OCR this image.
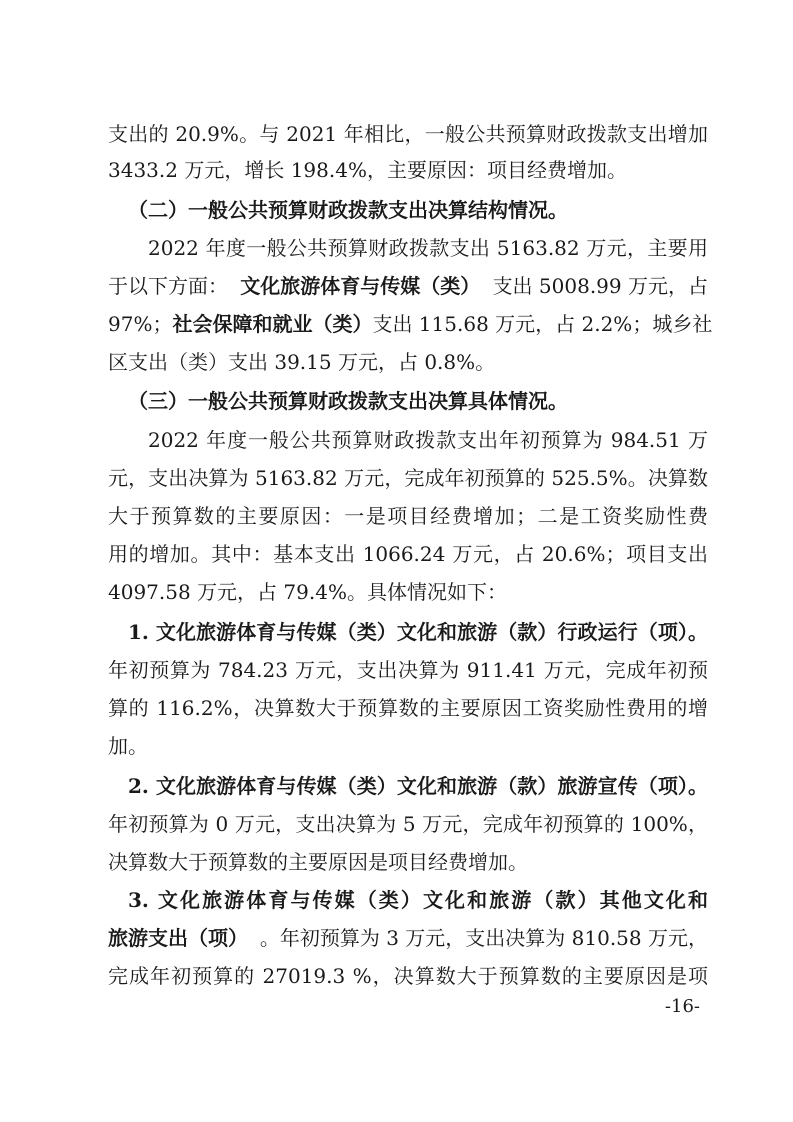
支出的 20.9%。与 2021 年相比，一般公共预算财政拨款支出增加
3433.2 万元，增长 198.4%，主要原因：项目经费增加。
（二）一般公共预算财政拨款支出决算结构情况。
2022 年度一般公共预算财政拨款支出 5163.82 万元，主要用
于以下方面： 文化旅游体育与传媒（类） 支出 5008.99 万元，占
97%； 社会保障和就业（类） 支出 115.68 万元，占 2.2%；城乡社
区支出（类）支出 39.15 万元，占 0.8%。
（三）一般公共预算财政拨款支出决算具体情况。
2022 年度一般公共预算财政拨款支出年初预算为 984.51 万
元，支出决算为 5163.82 万元，完成年初预算的 525.5%。决算数
大于预算数的主要原因：一是项目经费增加；二是工资奖励性费
用的增加。其中：基本支出 1066.24 万元，占 20.6%；项目支出
4097.58 万元，占 79.4%。具体情况如下：
1. 文化旅游体育与传媒（类）文化和旅游（款）行政运行（项）。
年初预算为 784.23 万元，支出决算为 911.41 万元，完成年初预
算的 116.2%，决算数大于预算数的主要原因工资奖励性费用的增
加。
2. 文化旅游体育与传媒（类）文化和旅游（款）旅游宣传（项）。
年初预算为 0 万元，支出决算为 5 万元，完成年初预算的 100%，
决算数大于预算数的主要原因是项目经费增加。
3. 文化旅游体育与传媒（类）文化和旅游（款）其他文化和
旅游支出（项） 。年初预算为 3 万元，支出决算为 810.58 万元，
完成年初预算的 27019.3 %，决算数大于预算数的主要原因是项
-16-
